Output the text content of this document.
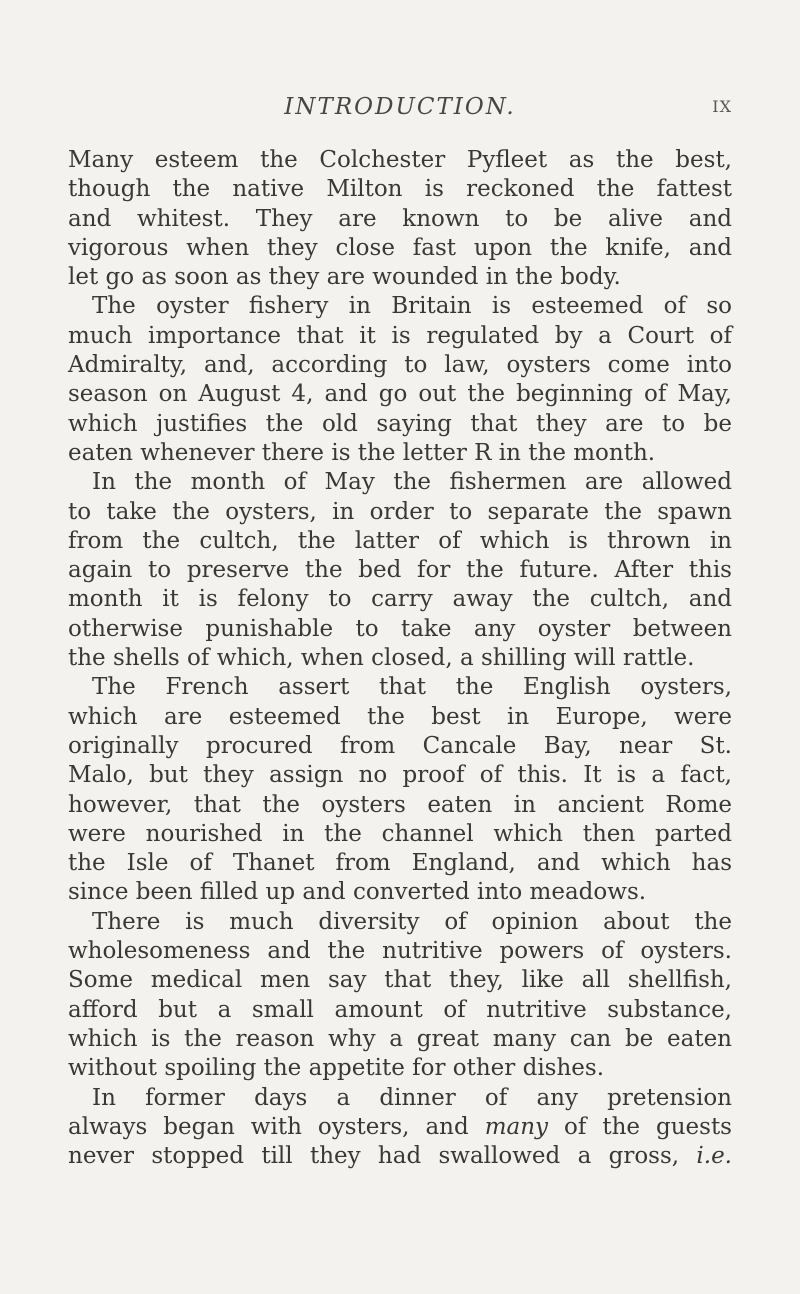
INTRODUCTION.	IX
Many esteem the Colchester Pyfleet as the best,
though the native Milton is reckoned the fattest
and whitest. They are known to be alive and
vigorous when they close fast upon the knife, and
let go as soon as they are wounded in the body.
The oyster fishery in Britain is esteemed of so
much importance that it is regulated by a Court of
Admiralty, and, according to law, oysters come into
season on August 4, and go out the beginning of May,
which justifies the old saying that they are to be
eaten whenever there is the letter R in the month.
In the month of May the fishermen are allowed
to take the oysters, in order to separate the spawn
from the cultch, the latter of which is thrown in
again to preserve the bed for the future. After this
month it is felony to carry away the cultch, and
otherwise punishable to take any oyster between
the shells of which, when closed, a shilling will rattle.
The French assert that the English oysters,
which are esteemed the best in Europe, were
originally procured from Cancale Bay, near St.
Malo, but they assign no proof of this. It is a fact,
however, that the oysters eaten in ancient Rome
were nourished in the channel which then parted
the Isle of Thanet from England, and which has
since been filled up and converted into meadows.
There is much diversity of opinion about the
wholesomeness and the nutritive powers of oysters.
Some medical men say that they, like all shellfish,
afford but a small amount of nutritive substance,
which is the reason why a great many can be eaten
without spoiling the appetite for other dishes.
In former days a dinner of any pretension
always began with oysters, and many of the guests
never stopped till they had swallowed a gross, i.e.
